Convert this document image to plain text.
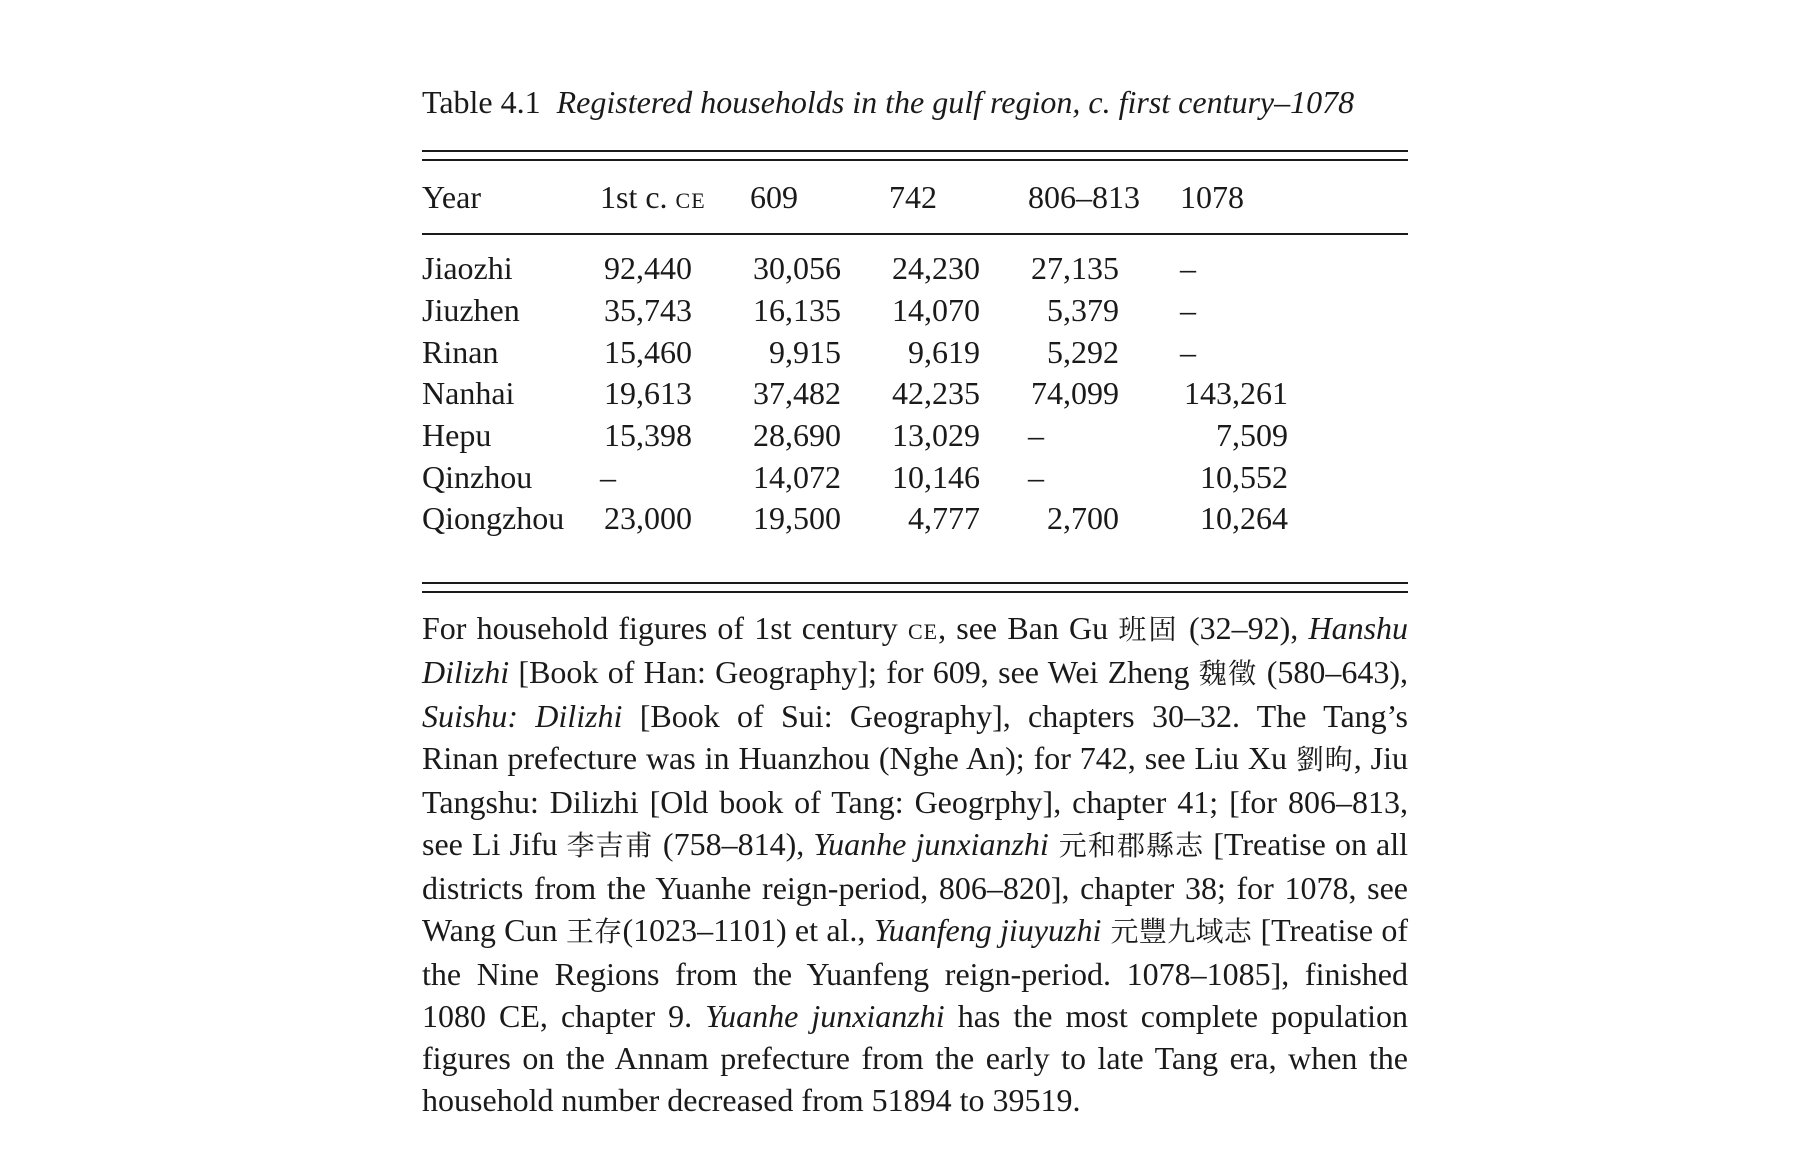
Table 4.1 Registered households in the gulf region, c. first century–1078
Year	1st c. ce	609	742	806–813	1078

Jiaozhi	92,440	30,056	24,230	27,135	–
Jiuzhen	35,743	16,135	14,070	5,379	–
Rinan	15,460	9,915	9,619	5,292	–
Nanhai	19,613	37,482	42,235	74,099	143,261
Hepu	15,398	28,690	13,029	–	7,509
Qinzhou	–	14,072	10,146	–	10,552
Qiongzhou	23,000	19,500	4,777	2,700	10,264

For household figures of 1st century ce, see Ban Gu 班固 (32–92), Hanshu Dilizhi [Book of Han: Geography]; for 609, see Wei Zheng 魏徵 (580–643), Suishu: Dilizhi [Book of Sui: Geography], chapters 30–32. The Tang’s Rinan prefecture was in Huanzhou (Nghe An); for 742, see Liu Xu 劉昫, Jiu Tangshu: Dilizhi [Old book of Tang: Geogrphy], chapter 41; [for 806–813, see Li Jifu 李吉甫 (758–814), Yuanhe junxianzhi 元和郡縣志 [Treatise on all districts from the Yuanhe reign-period, 806–820], chapter 38; for 1078, see Wang Cun 王存(1023–1101) et al., Yuanfeng jiuyuzhi 元豐九域志 [Treatise of the Nine Regions from the Yuanfeng reign-period. 1078–1085], finished 1080 CE, chapter 9. Yuanhe junxianzhi has the most complete population figures on the Annam prefecture from the early to late Tang era, when the household number decreased from 51894 to 39519.
